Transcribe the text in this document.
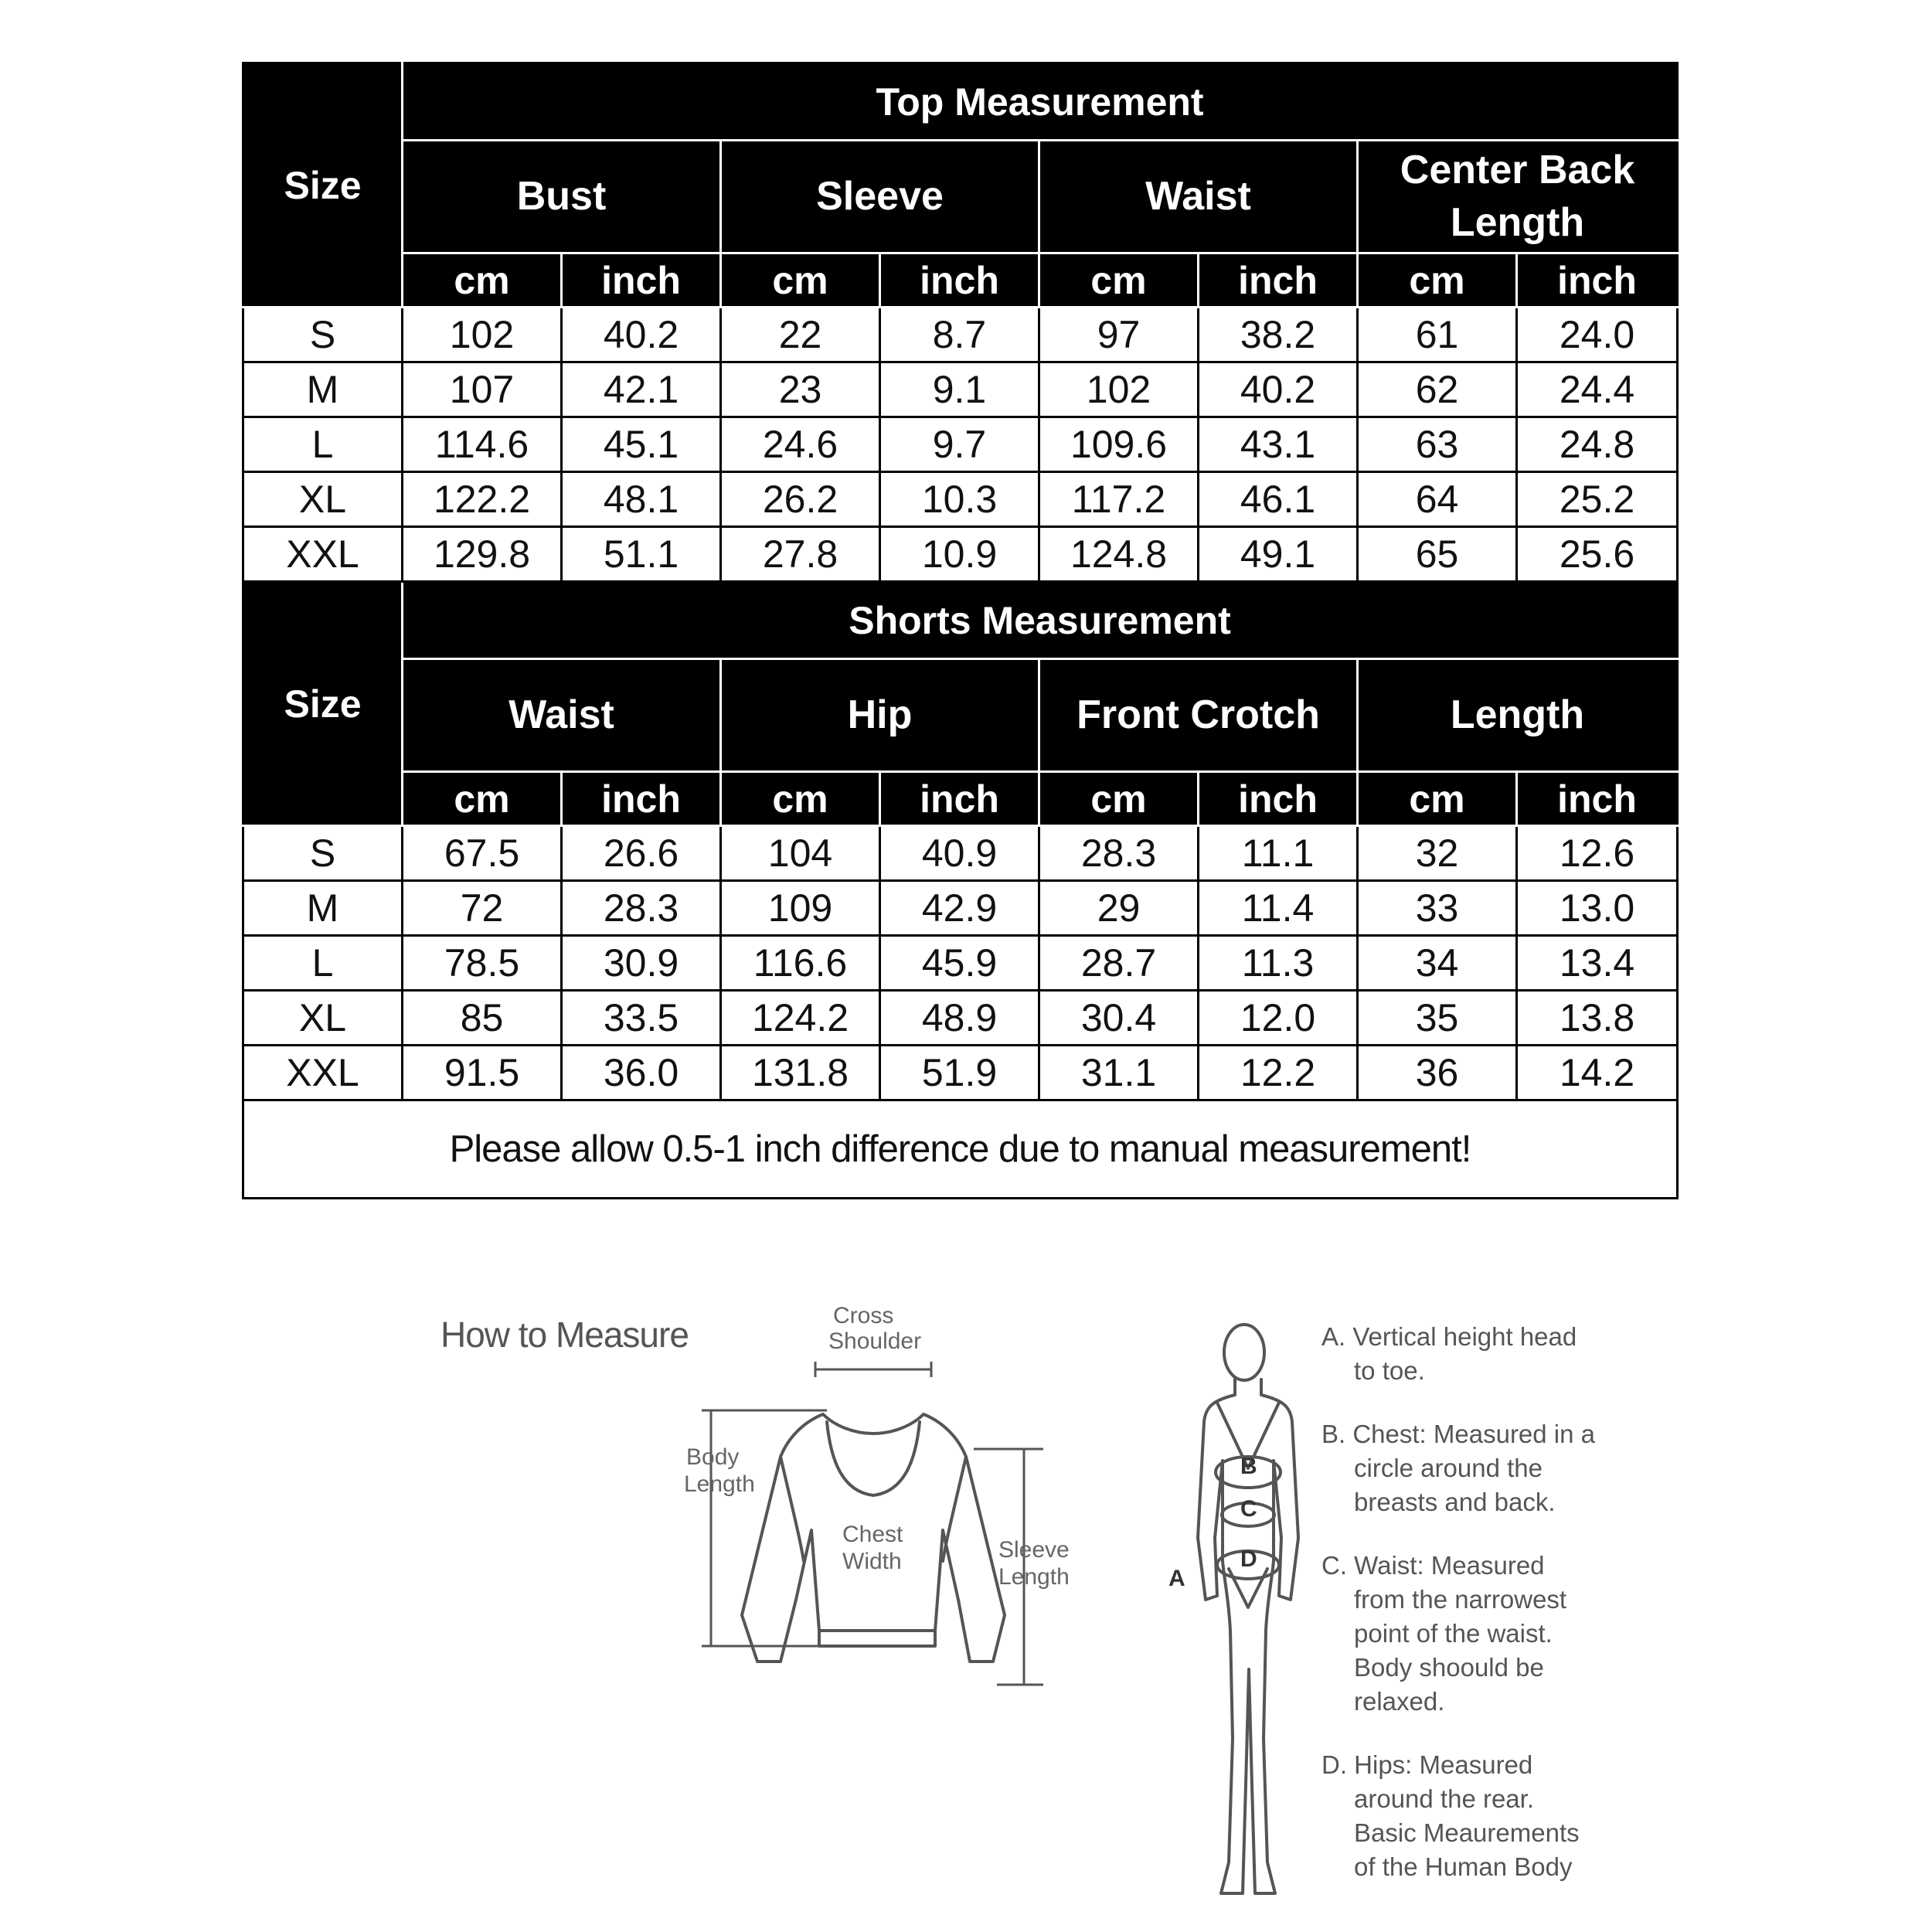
Size	Top Measurement							
	Bust		Sleeve		Waist		Center Back Length	
	cm	inch	cm	inch	cm	inch	cm	inch
S	102	40.2	22	8.7	97	38.2	61	24.0
M	107	42.1	23	9.1	102	40.2	62	24.4
L	114.6	45.1	24.6	9.7	109.6	43.1	63	24.8
XL	122.2	48.1	26.2	10.3	117.2	46.1	64	25.2
XXL	129.8	51.1	27.8	10.9	124.8	49.1	65	25.6
Size	Shorts Measurement							
	Waist		Hip		Front Crotch		Length	
	cm	inch	cm	inch	cm	inch	cm	inch
S	67.5	26.6	104	40.9	28.3	11.1	32	12.6
M	72	28.3	109	42.9	29	11.4	33	13.0
L	78.5	30.9	116.6	45.9	28.7	11.3	34	13.4
XL	85	33.5	124.2	48.9	30.4	12.0	35	13.8
XXL	91.5	36.0	131.8	51.9	31.1	12.2	36	14.2
Please allow 0.5-1 inch difference due to manual measurement!								
How to Measure	Cross
Shoulder
Body
Length
Chest
Width	Sleeve
Length
B
C
D
A

A. Vertical height head
to toe.

B. Chest: Measured in a
circle around the
breasts and back.

C. Waist: Measured
from the narrowest
point of the waist.
Body shoould be
relaxed.

D. Hips: Measured
around the rear.
Basic Meaurements
of the Human Body
